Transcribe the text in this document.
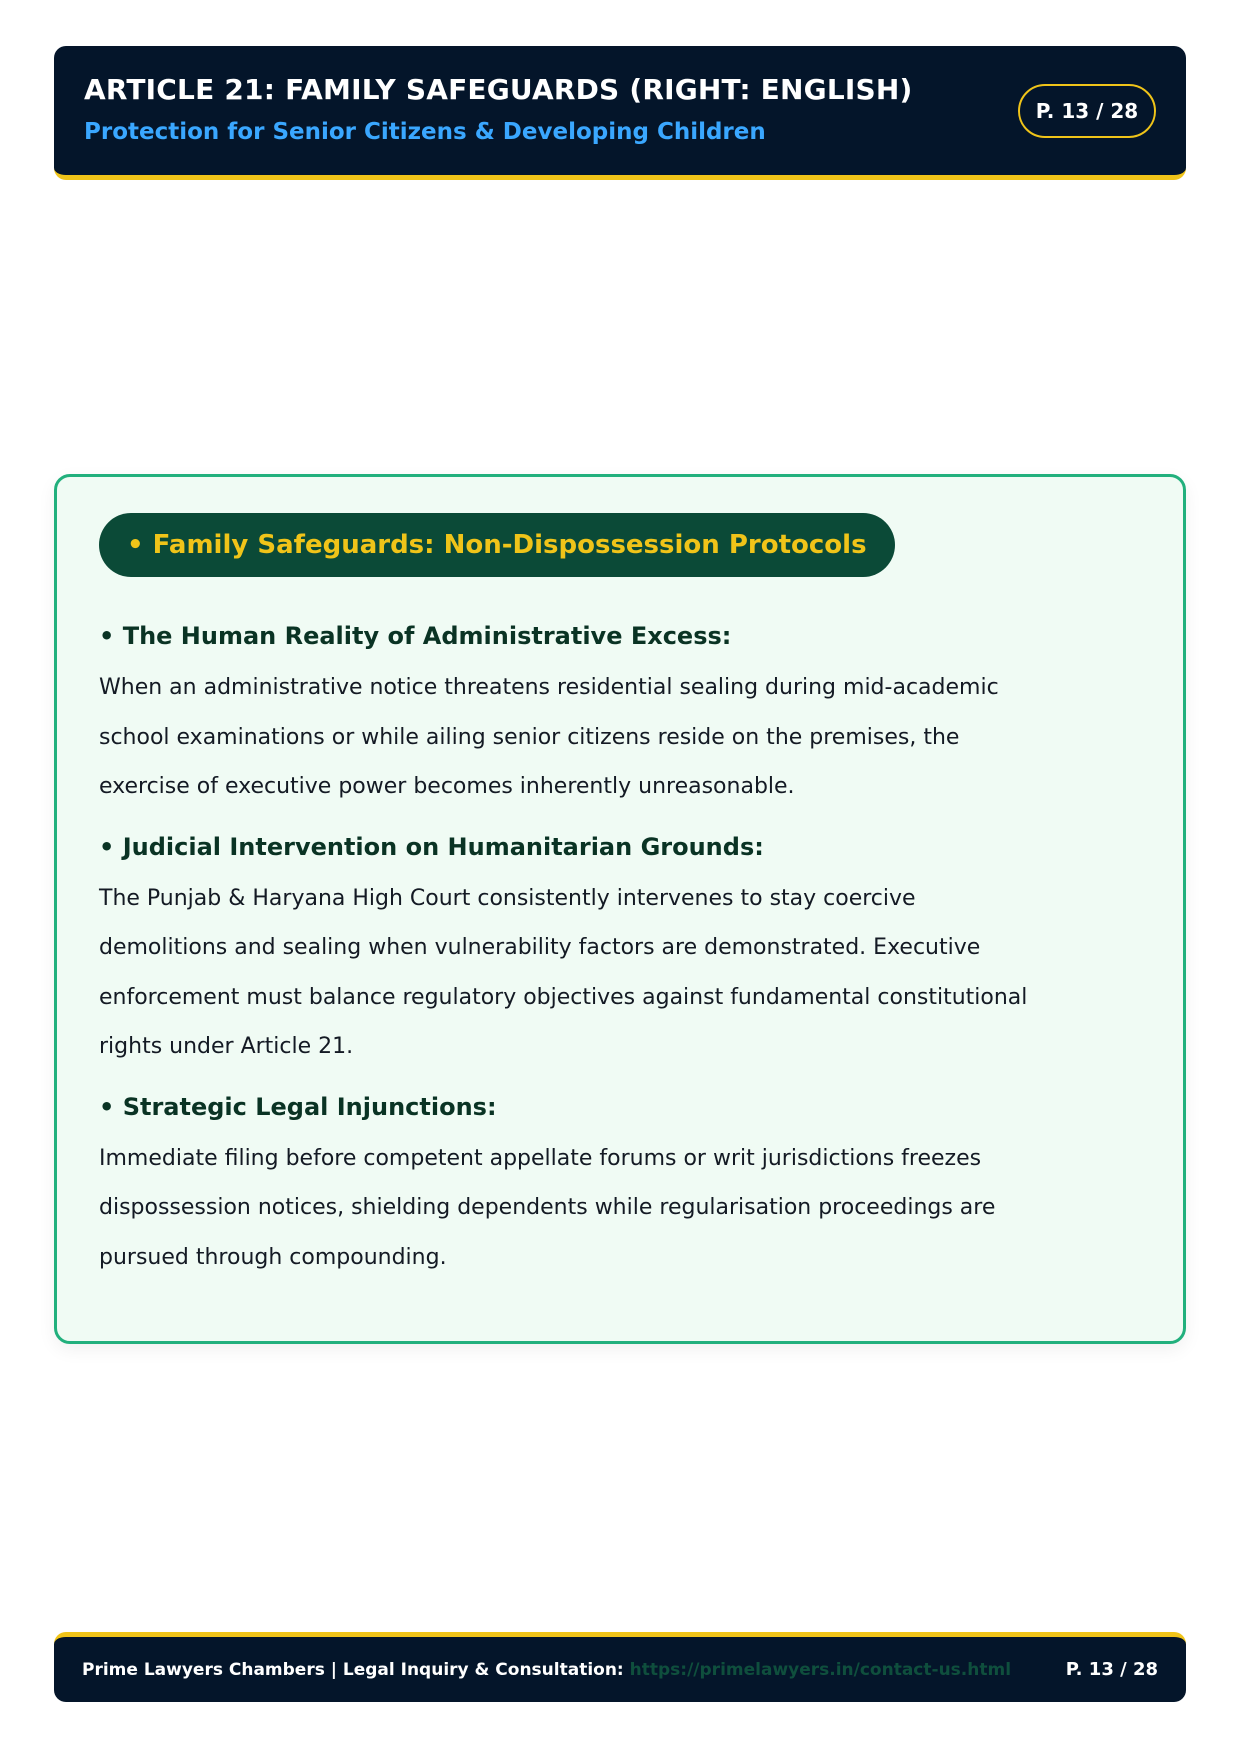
ARTICLE 21: FAMILY SAFEGUARDS (RIGHT: ENGLISH)
Protection for Senior Citizens & Developing Children
P. 13 / 28
• Family Safeguards: Non-Dispossession Protocols
• The Human Reality of Administrative Excess:
When an administrative notice threatens residential sealing during mid-academic
school examinations or while ailing senior citizens reside on the premises, the
exercise of executive power becomes inherently unreasonable.
• Judicial Intervention on Humanitarian Grounds:
The Punjab & Haryana High Court consistently intervenes to stay coercive
demolitions and sealing when vulnerability factors are demonstrated. Executive
enforcement must balance regulatory objectives against fundamental constitutional
rights under Article 21.
• Strategic Legal Injunctions:
Immediate filing before competent appellate forums or writ jurisdictions freezes
dispossession notices, shielding dependents while regularisation proceedings are
pursued through compounding.
Prime Lawyers Chambers | Legal Inquiry & Consultation: https://primelawyers.in/contact-us.html	P. 13 / 28
